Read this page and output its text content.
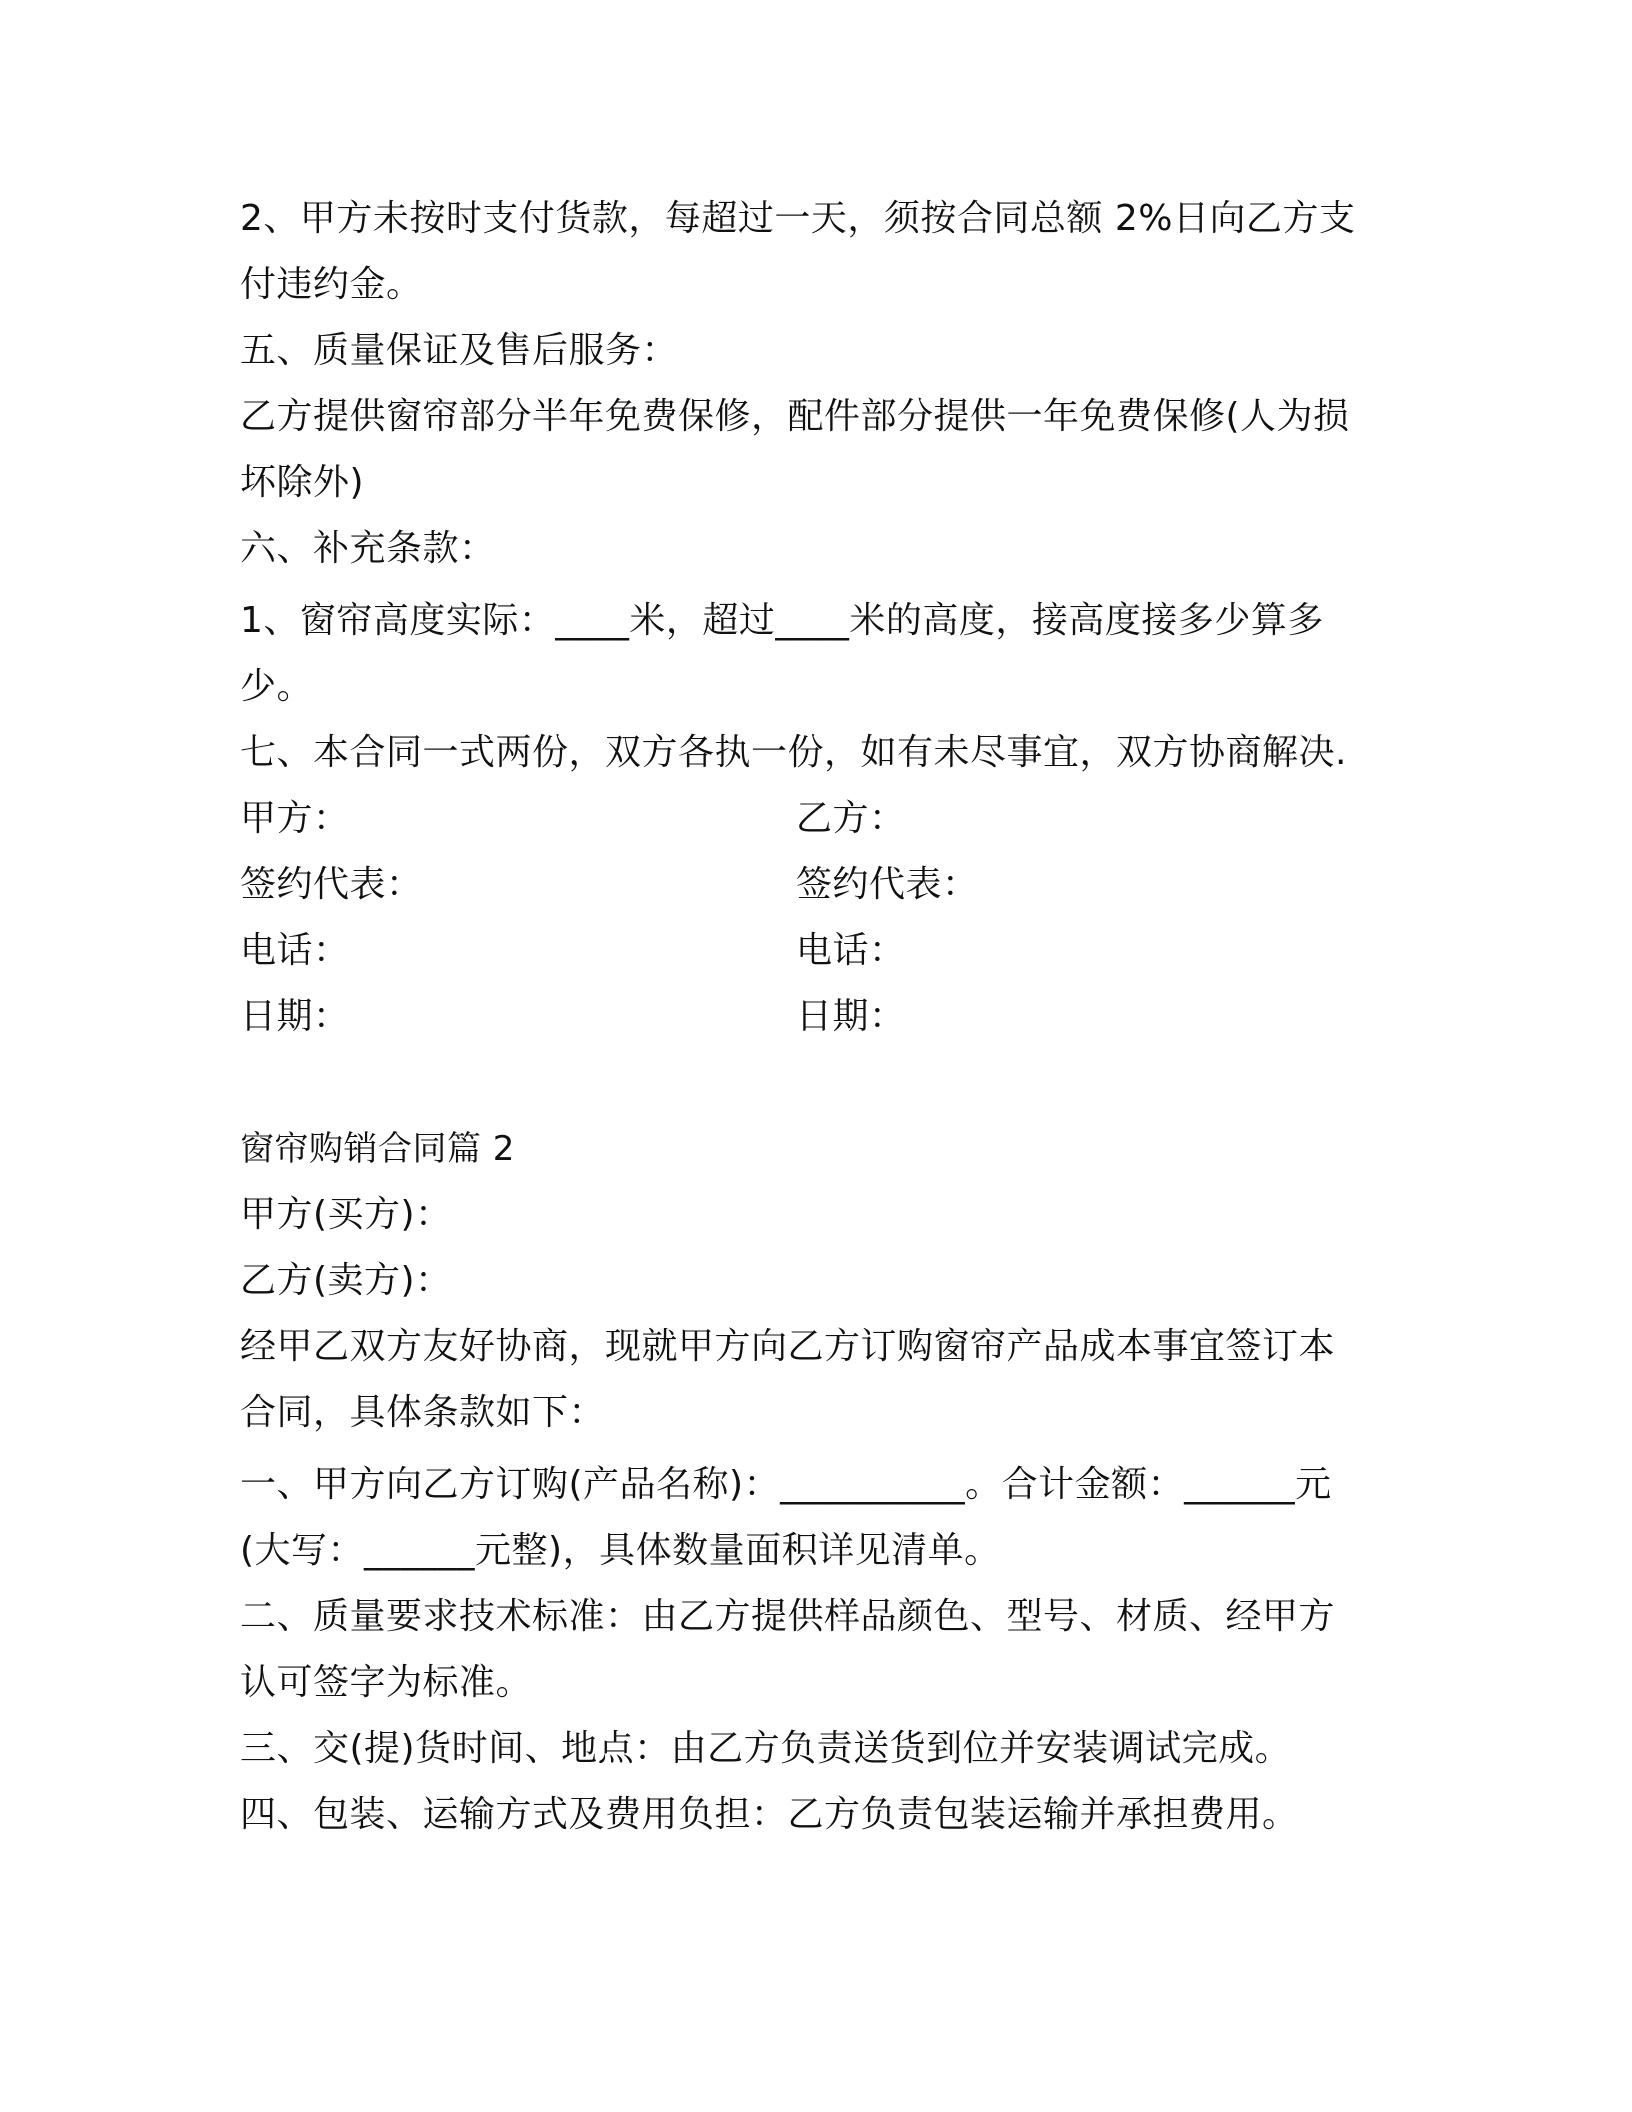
2、甲方未按时支付货款，每超过一天，须按合同总额 2%日向乙方支
付违约金。
五、质量保证及售后服务：
乙方提供窗帘部分半年免费保修，配件部分提供一年免费保修(人为损
坏除外)
六、补充条款：
1、窗帘高度实际：____米，超过____米的高度，接高度接多少算多
少。
七、本合同一式两份，双方各执一份，如有未尽事宜，双方协商解决.
甲方：	乙方：
签约代表：	签约代表：
电话：	电话：
日期：	日期：
窗帘购销合同篇 2
甲方(买方)：
乙方(卖方)：
经甲乙双方友好协商，现就甲方向乙方订购窗帘产品成本事宜签订本
合同，具体条款如下：
一、甲方向乙方订购(产品名称)：__________。合计金额：______元
(大写：______元整)，具体数量面积详见清单。
二、质量要求技术标准：由乙方提供样品颜色、型号、材质、经甲方
认可签字为标准。
三、交(提)货时间、地点：由乙方负责送货到位并安装调试完成。
四、包装、运输方式及费用负担：乙方负责包装运输并承担费用。
